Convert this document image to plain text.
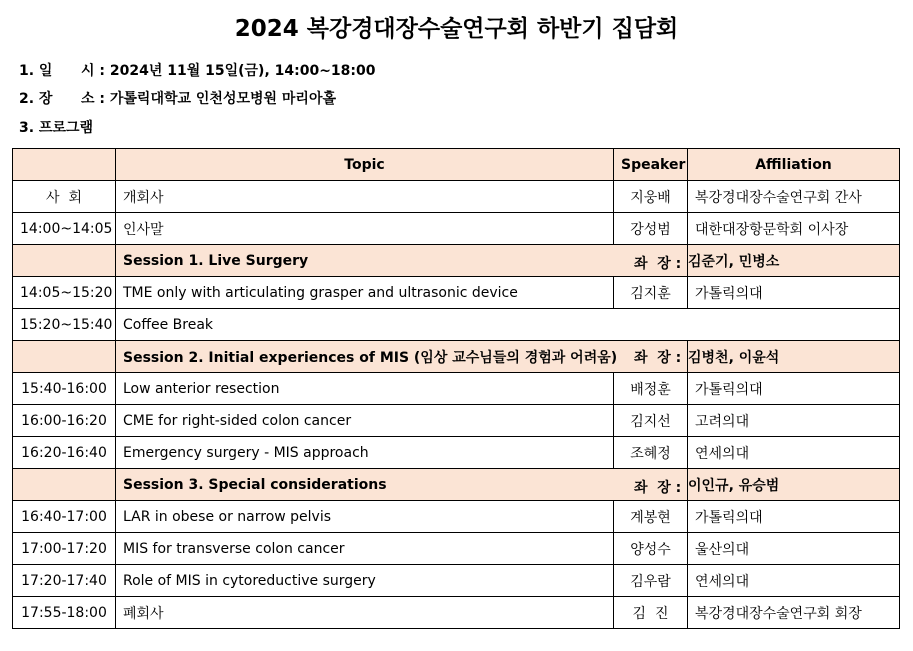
2024 복강경대장수술연구회 하반기 집담회
1. 일 시 : 2024년 11월 15일(금), 14:00~18:00
2. 장 소 : 가톨릭대학교 인천성모병원 마리아홀
3. 프로그램
	Topic	Speaker	Affiliation
사  회	개회사	지웅배	복강경대장수술연구회 간사
14:00~14:05	인사말	강성범	대한대장항문학회 이사장
	Session 1. Live Surgery 좌  장 :		김준기, 민병소
14:05~15:20	TME only with articulating grasper and ultrasonic device	김지훈	가톨릭의대
15:20~15:40	Coffee Break		
	Session 2. Initial experiences of MIS (임상 교수님들의 경험과 어려움) 좌  장 :		김병천, 이윤석
15:40-16:00	Low anterior resection	배정훈	가톨릭의대
16:00-16:20	CME for right-sided colon cancer	김지선	고려의대
16:20-16:40	Emergency surgery - MIS approach	조혜정	연세의대
	Session 3. Special considerations 좌  장 :		이인규, 유승범
16:40-17:00	LAR in obese or narrow pelvis	계봉현	가톨릭의대
17:00-17:20	MIS for transverse colon cancer	양성수	울산의대
17:20-17:40	Role of MIS in cytoreductive surgery	김우람	연세의대
17:55-18:00	폐회사	김  진	복강경대장수술연구회 회장
